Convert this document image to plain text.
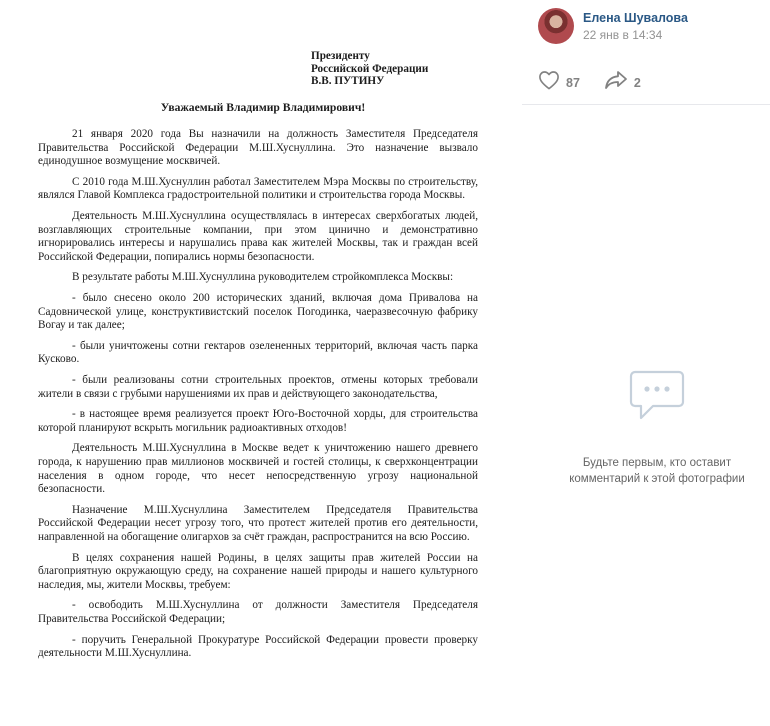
Президенту
Российской Федерации
В.В. ПУТИНУ
Уважаемый Владимир Владимирович!

21 января 2020 года Вы назначили на должность Заместителя Председателя Правительства Российской Федерации М.Ш.Хуснуллина. Это назначение вызвало единодушное возмущение москвичей.

С 2010 года М.Ш.Хуснуллин работал Заместителем Мэра Москвы по строительству, являлся Главой Комплекса градостроительной политики и строительства города Москвы.

Деятельность М.Ш.Хуснуллина осуществлялась в интересах сверхбогатых людей, возглавляющих строительные компании, при этом цинично и демонстративно игнорировались интересы и нарушались права как жителей Москвы, так и граждан всей Российской Федерации, попирались нормы безопасности.

В результате работы М.Ш.Хуснуллина руководителем стройкомплекса Москвы:

- было снесено около 200 исторических зданий, включая дома Привалова на Садовнической улице, конструктивистский поселок Погодинка, чаеразвесочную фабрику Bогау и так далее;

- были уничтожены сотни гектаров озелененных территорий, включая часть парка Кусково.

- были реализованы сотни строительных проектов, отмены которых требовали жители в связи с грубыми нарушениями их прав и действующего законодательства,

- в настоящее время реализуется проект Юго-Восточной хорды, для строительства которой планируют вскрыть могильник радиоактивных отходов!

Деятельность М.Ш.Хуснуллина в Москве ведет к уничтожению нашего древнего города, к нарушению прав миллионов москвичей и гостей столицы, к сверхконцентрации населения в одном городе, что несет непосредственную угрозу национальной безопасности.

Назначение М.Ш.Хуснуллина Заместителем Председателя Правительства Российской Федерации несет угрозу того, что протест жителей против его деятельности, направленной на обогащение олигархов за счёт граждан, распространится на всю Россию.

В целях сохранения нашей Родины, в целях защиты прав жителей России на благоприятную окружающую среду, на сохранение нашей природы и нашего культурного наследия, мы, жители Москвы, требуем:

- освободить М.Ш.Хуснуллина от должности Заместителя Председателя Правительства Российской Федерации;

- поручить Генеральной Прокуратуре Российской Федерации провести проверку деятельности М.Ш.Хуснуллина.

Елена Шувалова
22 янв в 14:34
87	2
Будьте первым, кто оставит
комментарий к этой фотографии
